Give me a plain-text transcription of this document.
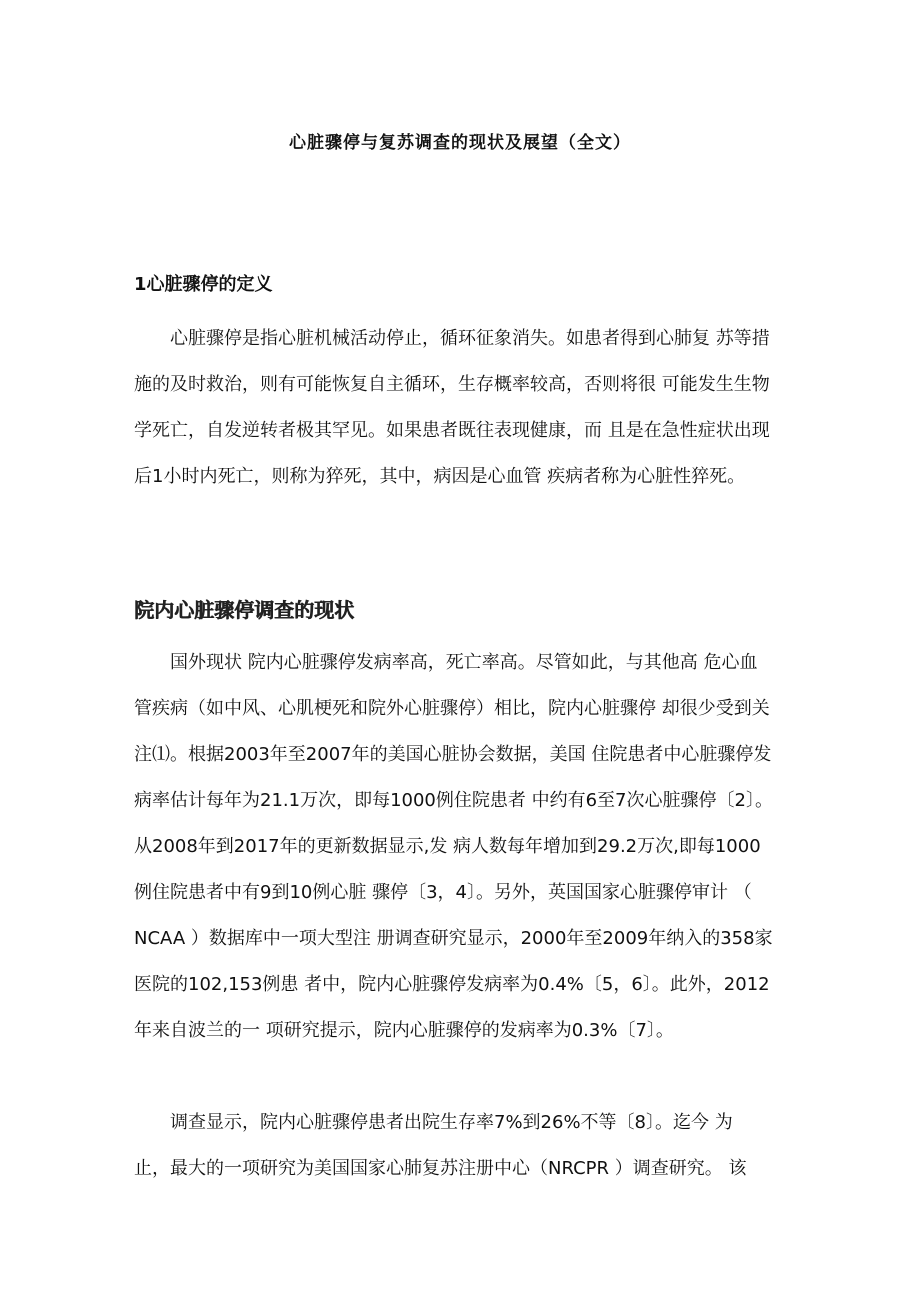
心脏骤停与复苏调查的现状及展望（全文）
1心脏骤停的定义
　　心脏骤停是指心脏机械活动停止，循环征象消失。如患者得到心肺复 苏等措
施的及时救治，则有可能恢复自主循环，生存概率较高，否则将很 可能发生生物
学死亡，自发逆转者极其罕见。如果患者既往表现健康，而 且是在急性症状出现
后1小时内死亡，则称为猝死，其中，病因是心血管 疾病者称为心脏性猝死。
院内心脏骤停调查的现状
　　国外现状 院内心脏骤停发病率高，死亡率高。尽管如此，与其他高 危心血
管疾病（如中风、心肌梗死和院外心脏骤停）相比，院内心脏骤停 却很少受到关
注⑴。根据2003年至2007年的美国心脏协会数据，美国 住院患者中心脏骤停发
病率估计每年为21.1万次，即每1000例住院患者 中约有6至7次心脏骤停〔2〕。
从2008年到2017年的更新数据显示,发 病人数每年增加到29.2万次,即每1000
例住院患者中有9到10例心脏 骤停〔3，4〕。另外，英国国家心脏骤停审计 （
NCAA ）数据库中一项大型注 册调查研究显示，2000年至2009年纳入的358家
医院的102,153例患 者中，院内心脏骤停发病率为0.4%〔5，6〕。此外，2012
年来自波兰的一 项研究提示，院内心脏骤停的发病率为0.3%〔7〕。
　　调查显示，院内心脏骤停患者出院生存率7%到26%不等〔8〕。迄今 为
止，最大的一项研究为美国国家心肺复苏注册中心（NRCPR ）调查研究。 该
